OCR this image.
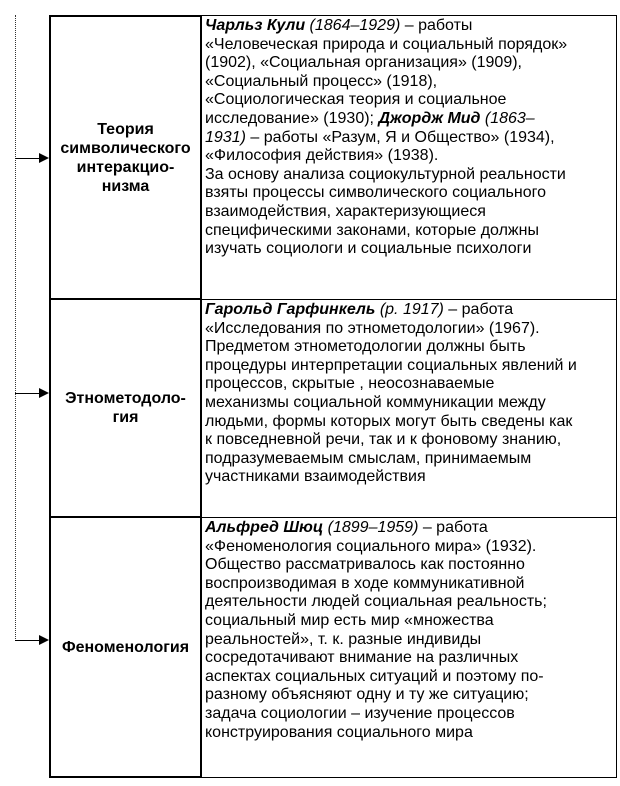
Теория
символического
интеракцио-
низма
Чарльз Кули (1864–1929) – работы
«Человеческая природа и социальный порядок»
(1902), «Социальная организация» (1909),
«Социальный процесс» (1918),
«Социологическая теория и социальное
исследование» (1930); Джордж Мид (1863–
1931) – работы «Разум, Я и Общество» (1934),
«Философия действия» (1938).
За основу анализа социокультурной реальности
взяты процессы символического социального
взаимодействия, характеризующиеся
специфическими законами, которые должны
изучать социологи и социальные психологи
Этнометодоло-
гия
Гарольд Гарфинкель (р. 1917) – работа
«Исследования по этнометодологии» (1967).
Предметом этнометодологии должны быть
процедуры интерпретации социальных явлений и
процессов, скрытые , неосознаваемые
механизмы социальной коммуникации между
людьми, формы которых могут быть сведены как
к повседневной речи, так и к фоновому знанию,
подразумеваемым смыслам, принимаемым
участниками взаимодействия
Феноменология
Альфред Шюц (1899–1959) – работа
«Феноменология социального мира» (1932).
Общество рассматривалось как постоянно
воспроизводимая в ходе коммуникативной
деятельности людей социальная реальность;
социальный мир есть мир «множества
реальностей», т. к. разные индивиды
сосредотачивают внимание на различных
аспектах социальных ситуаций и поэтому по-
разному объясняют одну и ту же ситуацию;
задача социологии – изучение процессов
конструирования социального мира
